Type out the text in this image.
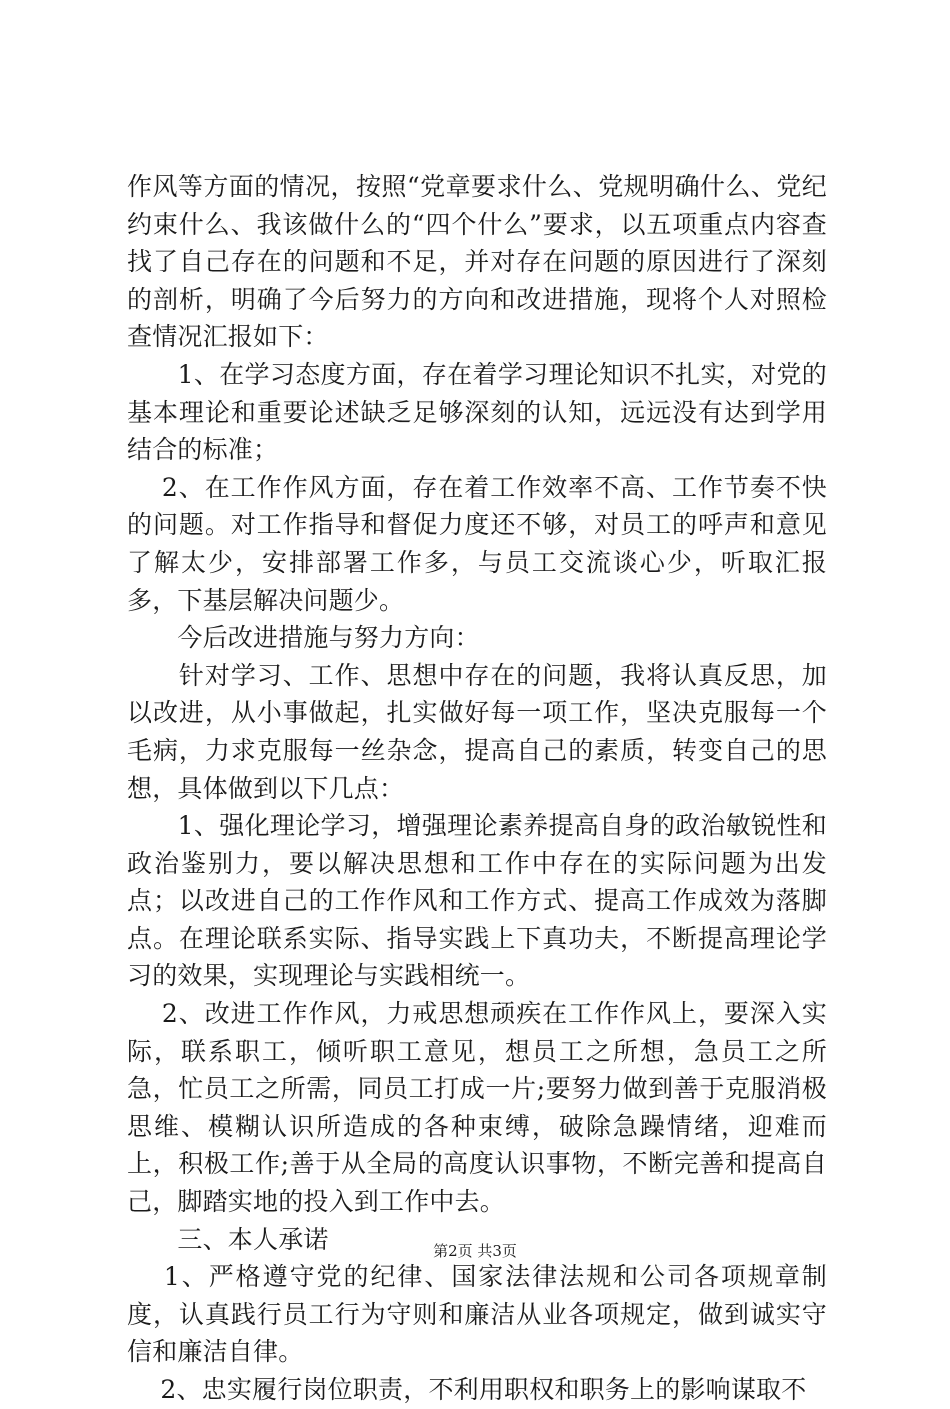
作风等方面的情况，按照“党章要求什么、党规明确什么、党纪约束什么、我该做什么的“四个什么”要求，以五项重点内容查找了自己存在的问题和不足，并对存在问题的原因进行了深刻的剖析，明确了今后努力的方向和改进措施，现将个人对照检查情况汇报如下：

　　1、在学习态度方面，存在着学习理论知识不扎实，对党的基本理论和重要论述缺乏足够深刻的认知，远远没有达到学用结合的标准；

　 2、在工作作风方面，存在着工作效率不高、工作节奏不快的问题。对工作指导和督促力度还不够，对员工的呼声和意见了解太少，安排部署工作多，与员工交流谈心少，听取汇报多，下基层解决问题少。

　　今后改进措施与努力方向：

　　针对学习、工作、思想中存在的问题，我将认真反思，加以改进，从小事做起，扎实做好每一项工作，坚决克服每一个毛病，力求克服每一丝杂念，提高自己的素质，转变自己的思想，具体做到以下几点：

　　1、强化理论学习，增强理论素养提高自身的政治敏锐性和政治鉴别力，要以解决思想和工作中存在的实际问题为出发点；以改进自己的工作作风和工作方式、提高工作成效为落脚点。在理论联系实际、指导实践上下真功夫，不断提高理论学习的效果，实现理论与实践相统一。

　 2、改进工作作风，力戒思想顽疾在工作作风上，要深入实际，联系职工，倾听职工意见，想员工之所想，急员工之所急，忙员工之所需，同员工打成一片;要努力做到善于克服消极思维、模糊认识所造成的各种束缚，破除急躁情绪，迎难而上，积极工作;善于从全局的高度认识事物，不断完善和提高自己，脚踏实地的投入到工作中去。

　　三、本人承诺

　 1、严格遵守党的纪律、国家法律法规和公司各项规章制度，认真践行员工行为守则和廉洁从业各项规定，做到诚实守信和廉洁自律。

　 2、忠实履行岗位职责，不利用职权和职务上的影响谋取不

第2页 共3页
